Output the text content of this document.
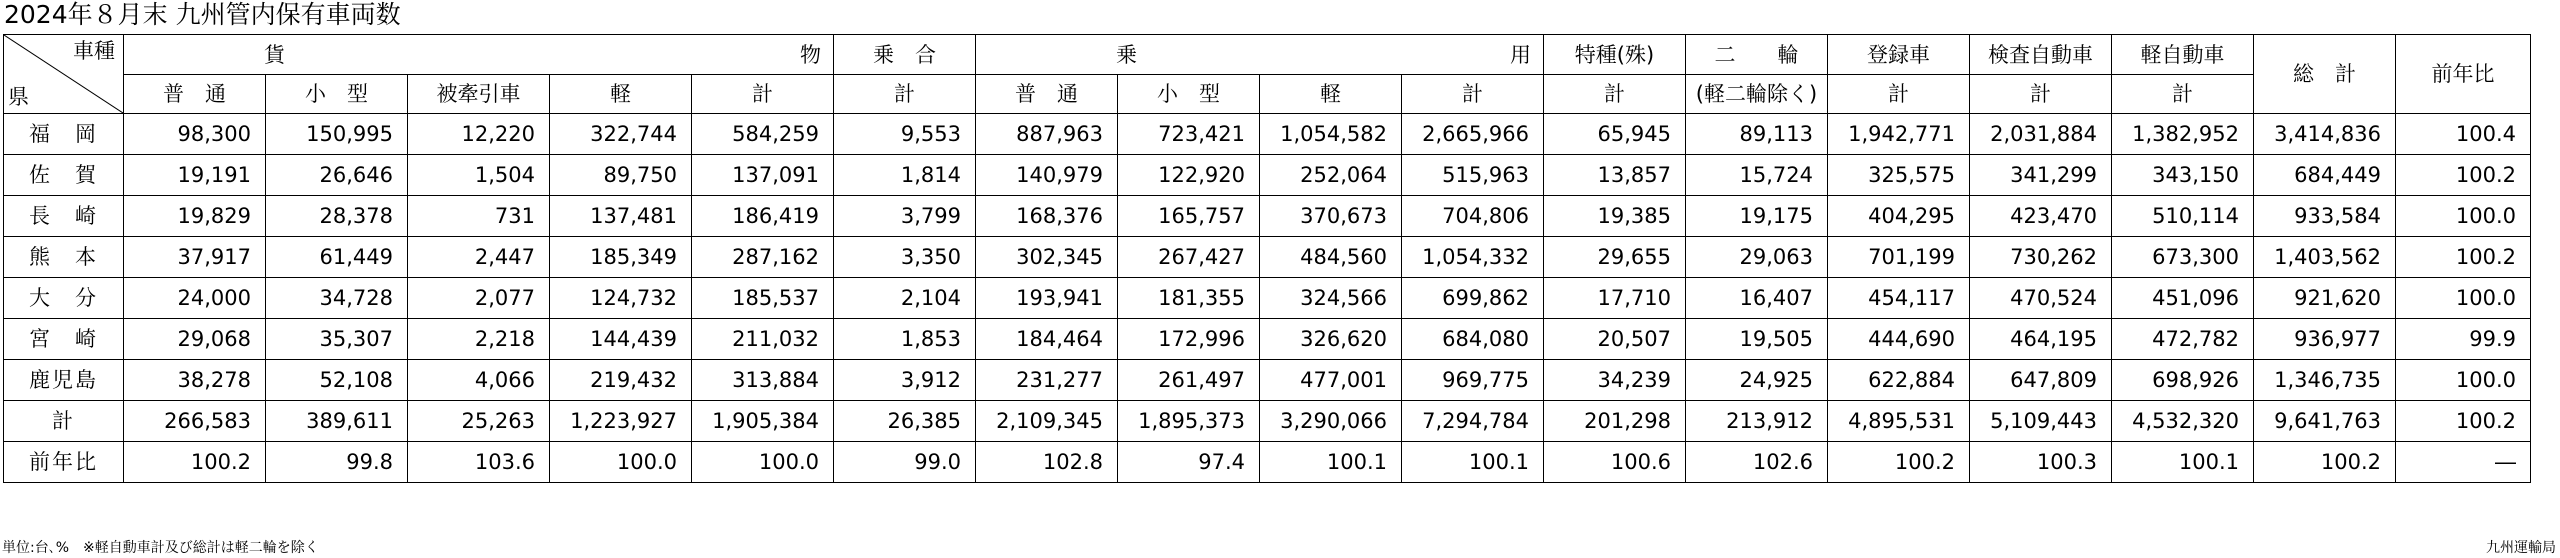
2024年８月末 九州管内保有車両数
車種
県	貨 物					乗　合	乗 用				特種(殊)	二　　輪	登録車	検査自動車	軽自動車	総　計	前年比
	普　通	小　型	被牽引車	軽	計	計	普　通	小　型	軽	計	計	(軽二輪除く)	計	計	計		
福　岡	98,300	150,995	12,220	322,744	584,259	9,553	887,963	723,421	1,054,582	2,665,966	65,945	89,113	1,942,771	2,031,884	1,382,952	3,414,836	100.4
佐　賀	19,191	26,646	1,504	89,750	137,091	1,814	140,979	122,920	252,064	515,963	13,857	15,724	325,575	341,299	343,150	684,449	100.2
長　崎	19,829	28,378	731	137,481	186,419	3,799	168,376	165,757	370,673	704,806	19,385	19,175	404,295	423,470	510,114	933,584	100.0
熊　本	37,917	61,449	2,447	185,349	287,162	3,350	302,345	267,427	484,560	1,054,332	29,655	29,063	701,199	730,262	673,300	1,403,562	100.2
大　分	24,000	34,728	2,077	124,732	185,537	2,104	193,941	181,355	324,566	699,862	17,710	16,407	454,117	470,524	451,096	921,620	100.0
宮　崎	29,068	35,307	2,218	144,439	211,032	1,853	184,464	172,996	326,620	684,080	20,507	19,505	444,690	464,195	472,782	936,977	99.9
鹿児島	38,278	52,108	4,066	219,432	313,884	3,912	231,277	261,497	477,001	969,775	34,239	24,925	622,884	647,809	698,926	1,346,735	100.0
計	266,583	389,611	25,263	1,223,927	1,905,384	26,385	2,109,345	1,895,373	3,290,066	7,294,784	201,298	213,912	4,895,531	5,109,443	4,532,320	9,641,763	100.2
前年比	100.2	99.8	103.6	100.0	100.0	99.0	102.8	97.4	100.1	100.1	100.6	102.6	100.2	100.3	100.1	100.2	―
単位:台､%　※軽自動車計及び総計は軽二輪を除く	九州運輸局
